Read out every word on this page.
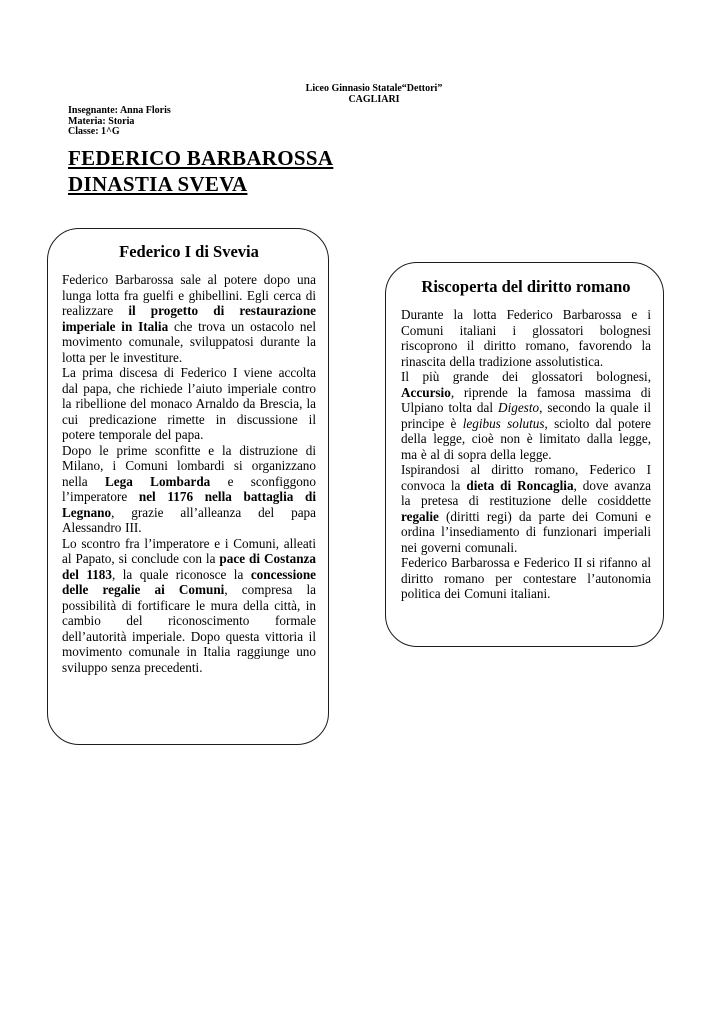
Liceo Ginnasio Statale“Dettori”
CAGLIARI
Insegnante: Anna Floris
Materia: Storia
Classe: 1^G
FEDERICO BARBAROSSA
DINASTIA SVEVA
Federico I di Svevia
Federico Barbarossa sale al potere dopo una lunga lotta fra guelfi e ghibellini. Egli cerca di realizzare il progetto di restaurazione imperiale in Italia che trova un ostacolo nel movimento comunale, sviluppatosi durante la lotta per le investiture.
La prima discesa di Federico I viene accolta dal papa, che richiede l’aiuto imperiale contro la ribellione del monaco Arnaldo da Brescia, la cui predicazione rimette in discussione il potere temporale del papa.
Dopo le prime sconfitte e la distruzione di Milano, i Comuni lombardi si organizzano nella Lega Lombarda e sconfiggono l’imperatore nel 1176 nella battaglia di Legnano, grazie all’alleanza del papa Alessandro III.
Lo scontro fra l’imperatore e i Comuni, alleati al Papato, si conclude con la pace di Costanza del 1183, la quale riconosce la concessione delle regalie ai Comuni, compresa la possibilità di fortificare le mura della città, in cambio del riconoscimento formale dell’autorità imperiale. Dopo questa vittoria il movimento comunale in Italia raggiunge uno sviluppo senza precedenti.
Riscoperta del diritto romano
Durante la lotta Federico Barbarossa e i Comuni italiani i glossatori bolognesi riscoprono il diritto romano, favorendo la rinascita della tradizione assolutistica.
Il più grande dei glossatori bolognesi, Accursio, riprende la famosa massima di Ulpiano tolta dal Digesto, secondo la quale il principe è legibus solutus, sciolto dal potere della legge, cioè non è limitato dalla legge, ma è al di sopra della legge.
Ispirandosi al diritto romano, Federico I convoca la dieta di Roncaglia, dove avanza la pretesa di restituzione delle cosiddette regalie (diritti regi) da parte dei Comuni e ordina l’insediamento di funzionari imperiali nei governi comunali.
Federico Barbarossa e Federico II si rifanno al diritto romano per contestare l’autonomia politica dei Comuni italiani.
